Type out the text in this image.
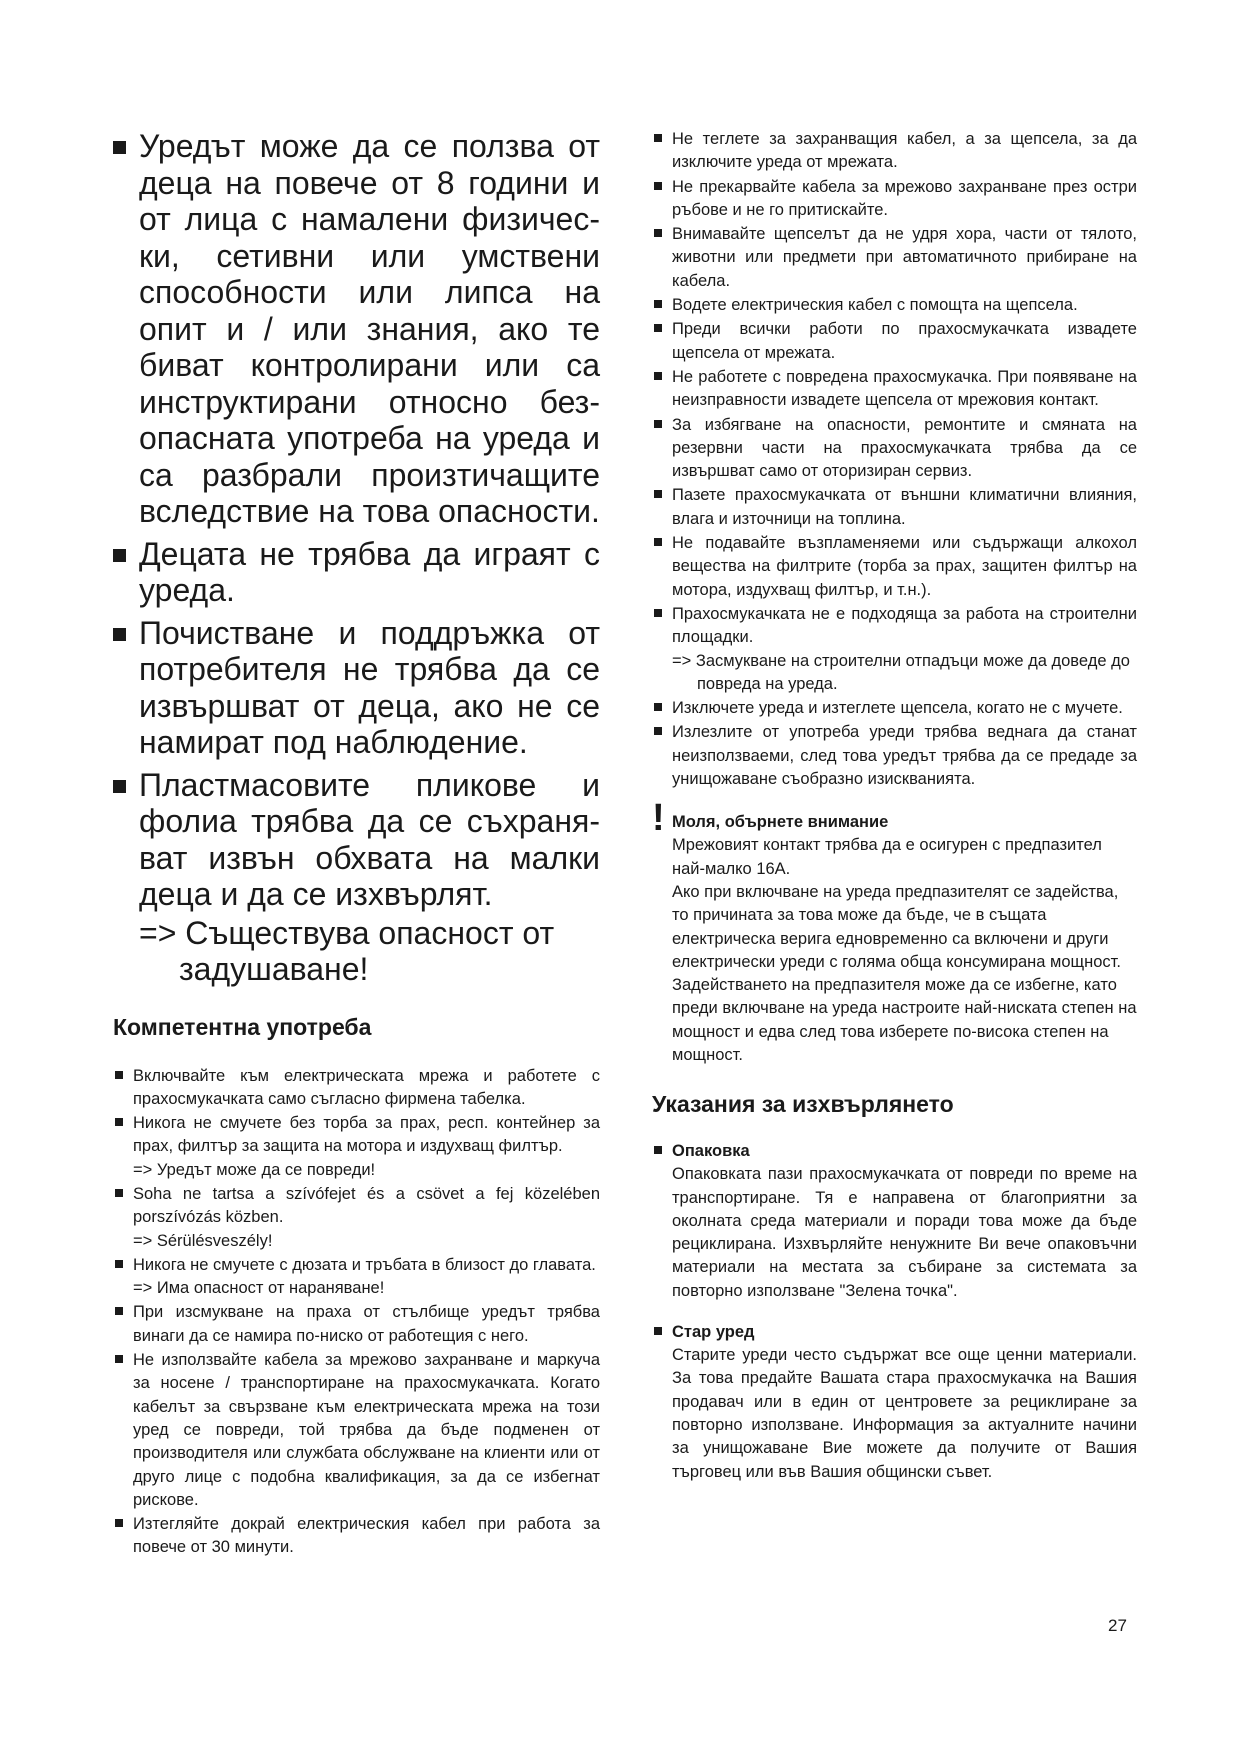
Уредът може да се ползва от деца на повече от 8 години и от лица с намалени физически, сетивни или умствени способности или липса на опит и / или знания, ако те биват контролирани или са инструктирани относно безопасната употреба на уреда и са разбрали произтичащите вследствие на това опасности.
Децата не трябва да играят с уреда.
Почистване и поддръжка от потребителя не трябва да се извършват от деца, ако не се намират под наблюдение.
Пластмасовите пликове и фолиа трябва да се съхраняват извън обхвата на малки деца и да се изхвърлят.
=> Съществува опасност от задушаване!
Компетентна употреба
Включвайте към електрическата мрежа и работете с прахосмукачката само съгласно фирмена табелка.
Никога не смучете без торба за прах, респ. контейнер за прах, филтър за защита на мотора и издухващ филтър.
=> Уредът може да се повреди!
Soha ne tartsa a szívófejet és a csövet a fej közelében porszívózás közben.
=> Sérülésveszély!
Никога не смучете с дюзата и тръбата в близост до главата.
=> Има опасност от нараняване!
При изсмукване на праха от стълбище уредът трябва винаги да се намира по-ниско от работещия с него.
Не използвайте кабела за мрежово захранване и маркуча за носене / транспортиране на прахосмукачката. Когато кабелът за свързване към електрическата мрежа на този уред се повреди, той трябва да бъде подменен от производителя или службата обслужване на клиенти или от друго лице с подобна квалификация, за да се избегнат рискове.
Изтегляйте докрай електрическия кабел при работа за повече от 30 минути.
Не теглете за захранващия кабел, а за щепсела, за да изключите уреда от мрежата.
Не прекарвайте кабела за мрежово захранване през остри ръбове и не го притискайте.
Внимавайте щепселът да не удря хора, части от тялото, животни или предмети при автоматичното прибиране на кабела.
Водете електрическия кабел с помощта на щепсела.
Преди всички работи по прахосмукачката извадете щепсела от мрежата.
Не работете с повредена прахосмукачка. При появяване на неизправности извадете щепсела от мрежовия контакт.
За избягване на опасности, ремонтите и смяната на резервни части на прахосмукачката трябва да се извършват само от оторизиран сервиз.
Пазете прахосмукачката от външни климатични влияния, влага и източници на топлина.
Не подавайте възпламеняеми или съдържащи алкохол вещества на филтрите (торба за прах, защитен филтър на мотора, издухващ филтър, и т.н.).
Прахосмукачката не е подходяща за работа на строителни площадки.
=> Засмукване на строителни отпадъци може да доведе до повреда на уреда.
Изключете уреда и изтеглете щепсела, когато не с мучете.
Излезлите от употреба уреди трябва веднага да станат неизползваеми, след това уредът трябва да се предаде за унищожаване съобразно изискванията.
! Моля, обърнете внимание

Мрежовият контакт трябва да е осигурен с предпазител най-малко 16A.

Ако при включване на уреда предпазителят се задейства, то причината за това може да бъде, че в същата електрическа верига едновременно са включени и други електрически уреди с голяма обща консумирана мощност.

Задействането на предпазителя може да се избегне, като преди включване на уреда настроите най-ниската степен на мощност и едва след това изберете по-висока степен на мощност.

Указания за изхвърлянето
Опаковка

Опаковката пази прахосмукачката от повреди по време на транспортиране. Тя е направена от благоприятни за околната среда материали и поради това може да бъде рециклирана. Изхвърляйте ненужните Ви вече опаковъчни материали на местата за събиране за системата за повторно използване "Зелена точка".

Стар уред

Старите уреди често съдържат все още ценни материали. За това предайте Вашата стара прахосмукачка на Вашия продавач или в един от центровете за рециклиране за повторно използване. Информация за актуалните начини за унищожаване Вие можете да получите от Вашия търговец или във Вашия общински съвет.

27
